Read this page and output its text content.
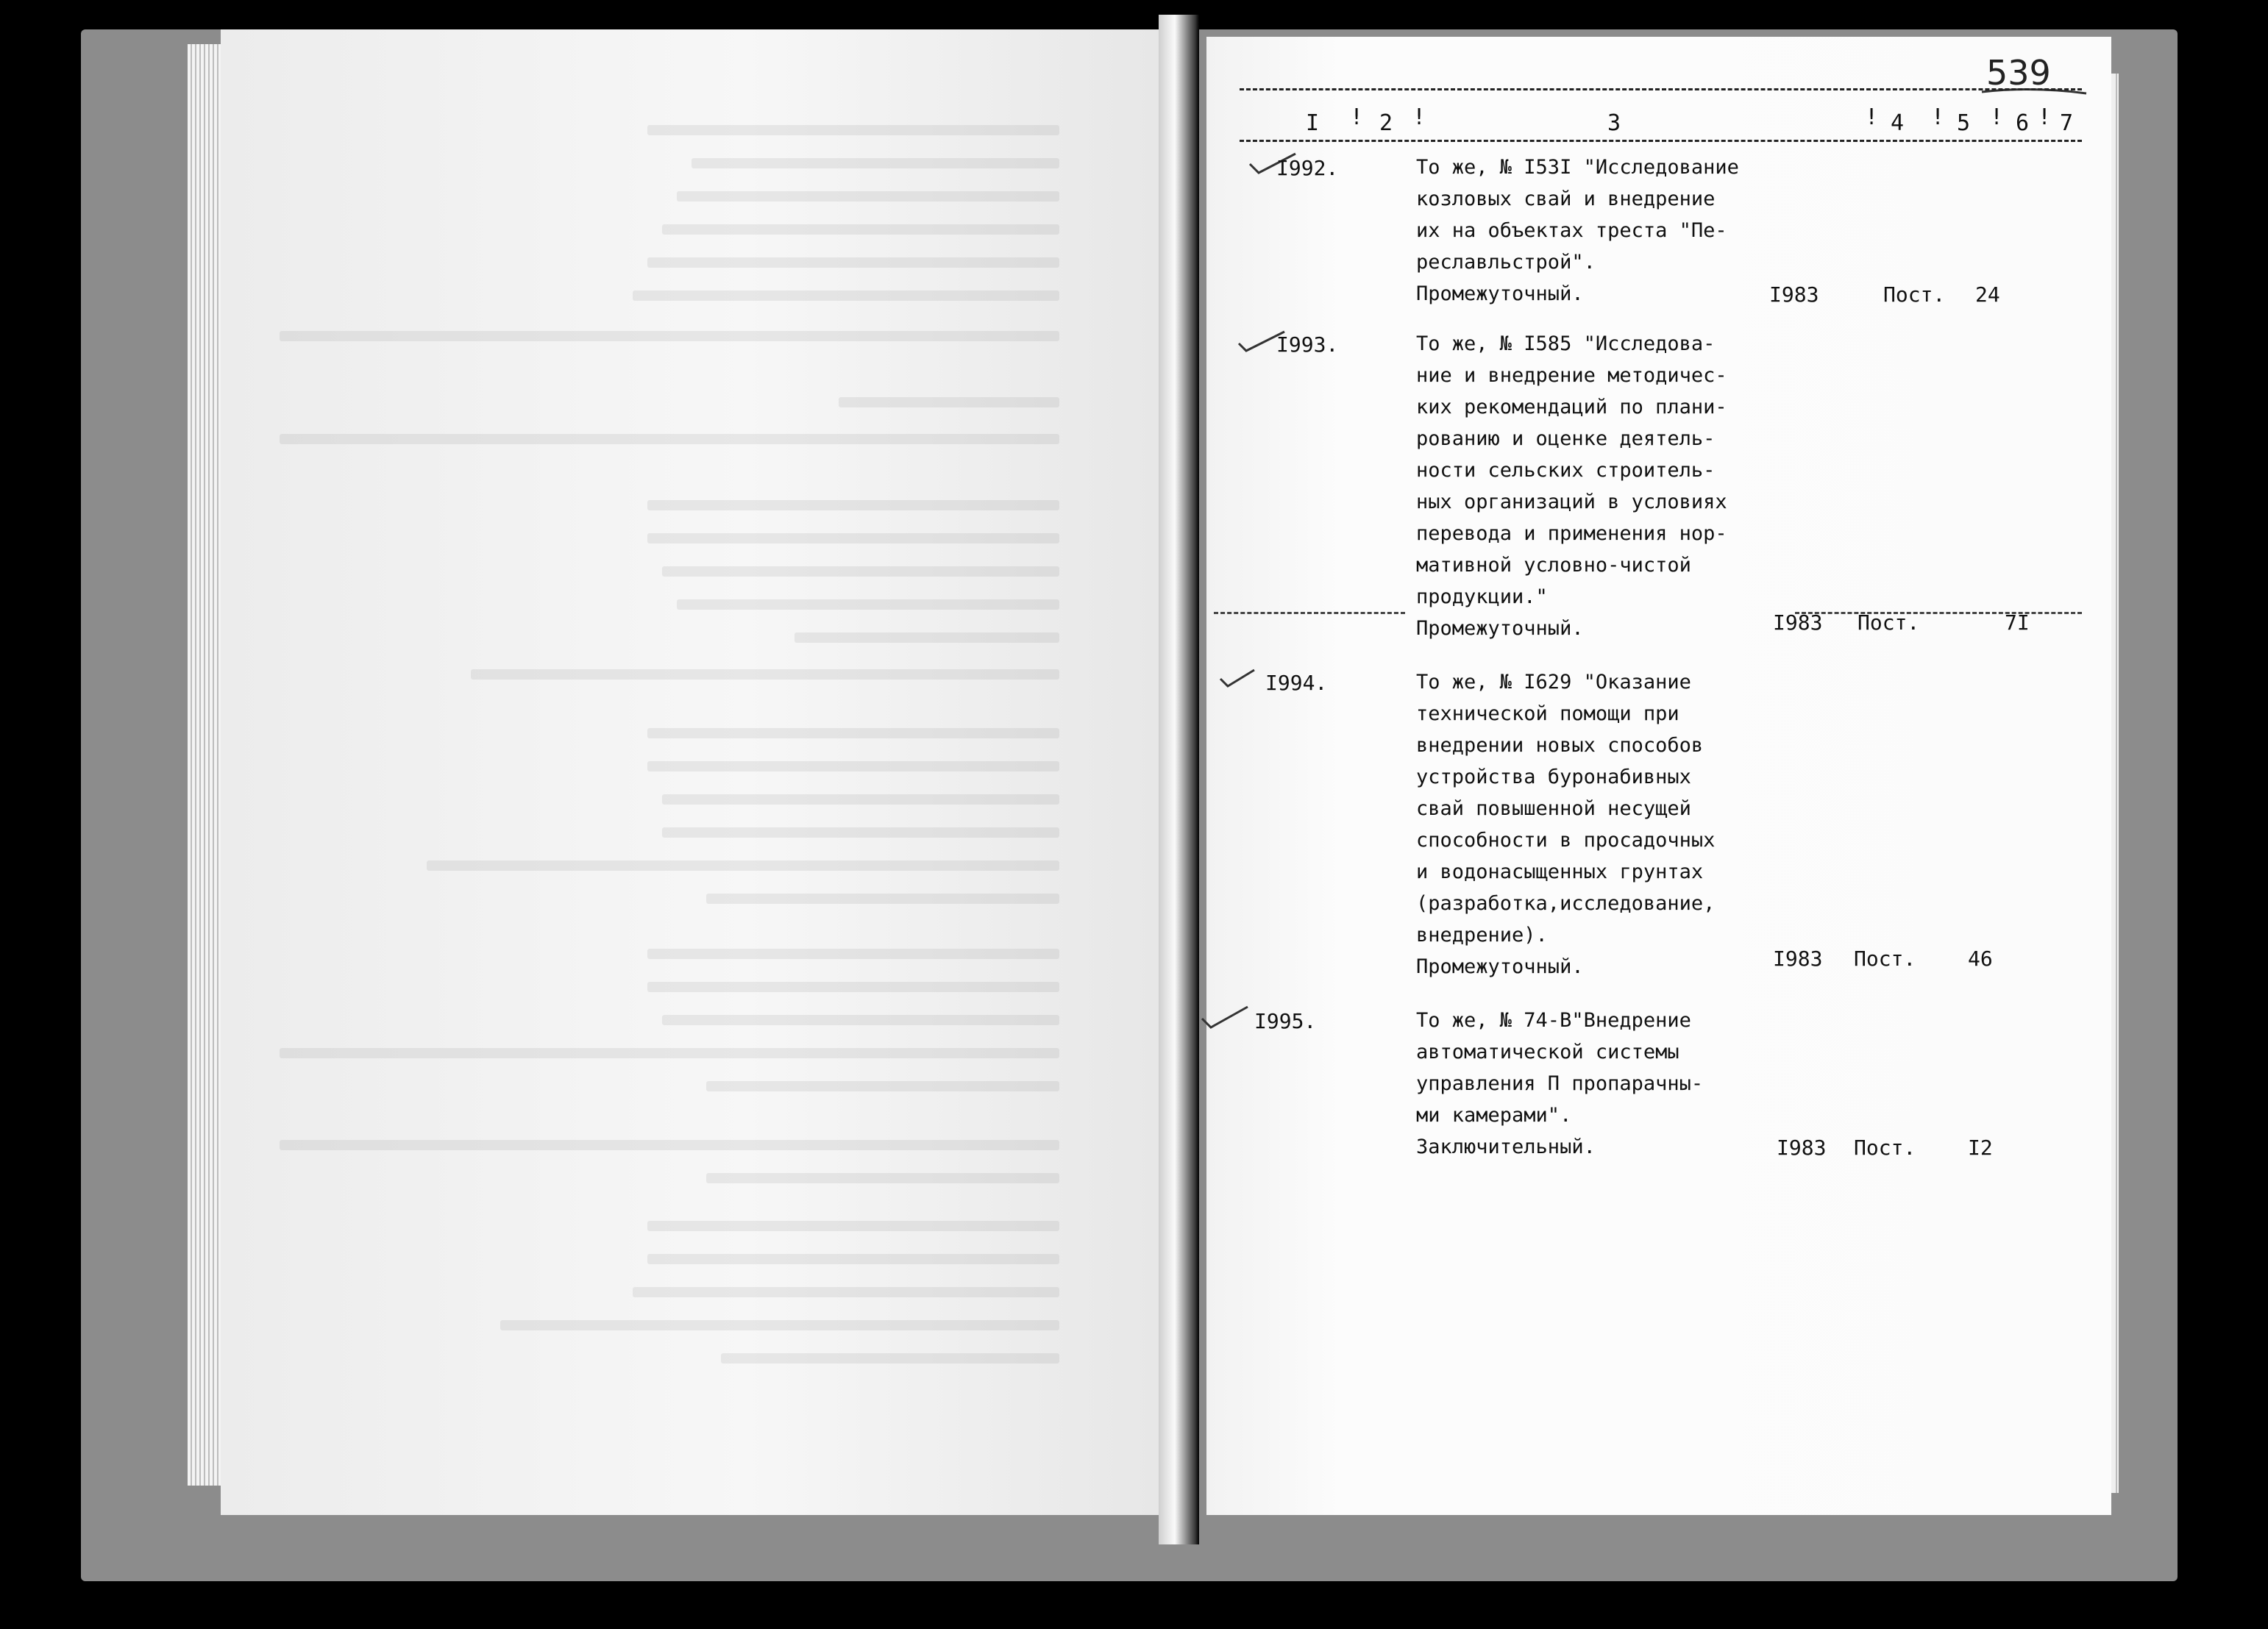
539
I	2	3	4 5 6 7
! !	! ! ! !
I992.	То же, № I53I "Исследование
козловых свай и внедрение
их на объектах треста "Пе-
реславльстрой".
Промежуточный.	I983	Пост. 24
I993.	То же, № I585 "Исследова-
ние и внедрение методичес-
ких рекомендаций по плани-
рованию и оценке деятель-
ности сельских строитель-
ных организаций в условиях
перевода и применения нор-
мативной условно-чистой
продукции."
Промежуточный.	I983 Пост.	7I
I994.	То же, № I629 "Оказание
технической помощи при
внедрении новых способов
устройства буронабивных
свай повышенной несущей
способности в просадочных
и водонасыщенных грунтах
(разработка,исследование,
внедрение).
Промежуточный.	I983 Пост.	46
I995.	То же, № 74-В"Внедрение
автоматической системы
управления П пропарачны-
ми камерами".
Заключительный.	I983 Пост.	I2
